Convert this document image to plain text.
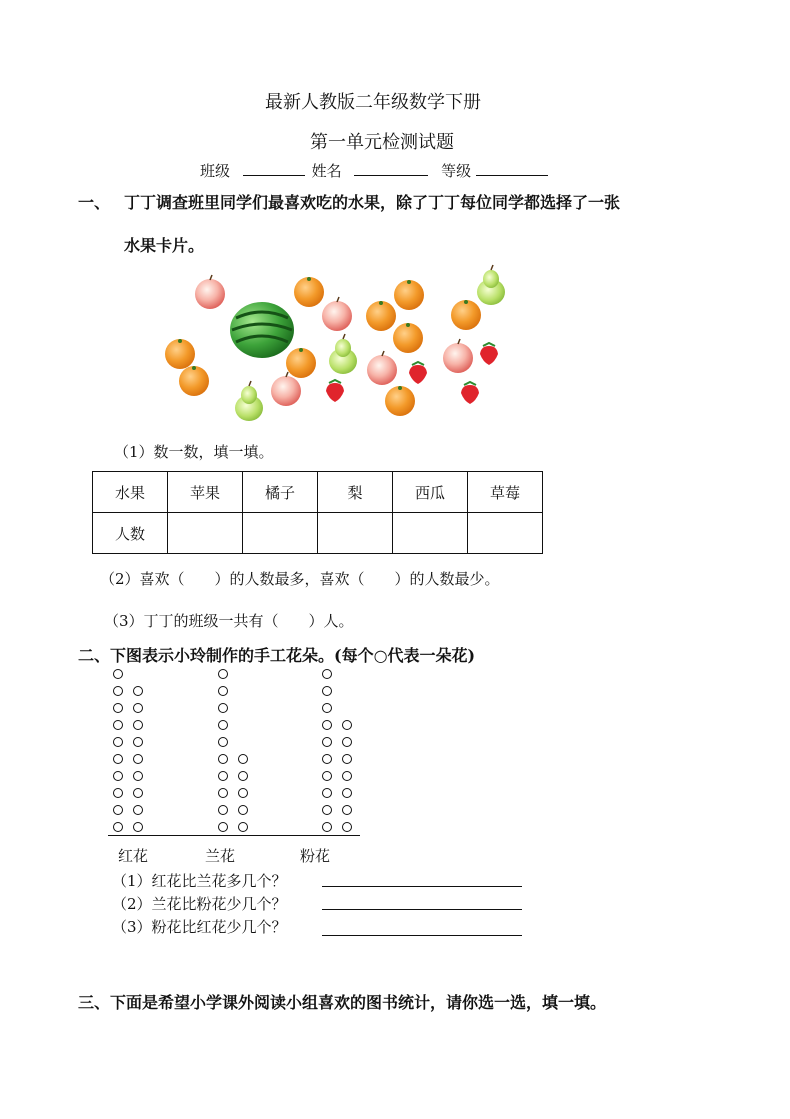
最新人教版二年级数学下册
第一单元检测试题
班级	姓名	等级
一、 丁丁调查班里同学们最喜欢吃的水果，除了丁丁每位同学都选择了一张
水果卡片。
（1）数一数，填一填。
水果	苹果	橘子	梨	西瓜	草莓
人数					
（2）喜欢（　　）的人数最多，喜欢（　　）的人数最少。
（3）丁丁的班级一共有（　　）人。
二、下图表示小玲制作的手工花朵。(每个○代表一朵花)
红花	兰花	粉花
（1）红花比兰花多几个？
（2）兰花比粉花少几个？
（3）粉花比红花少几个？
三、下面是希望小学课外阅读小组喜欢的图书统计，请你选一选，填一填。
